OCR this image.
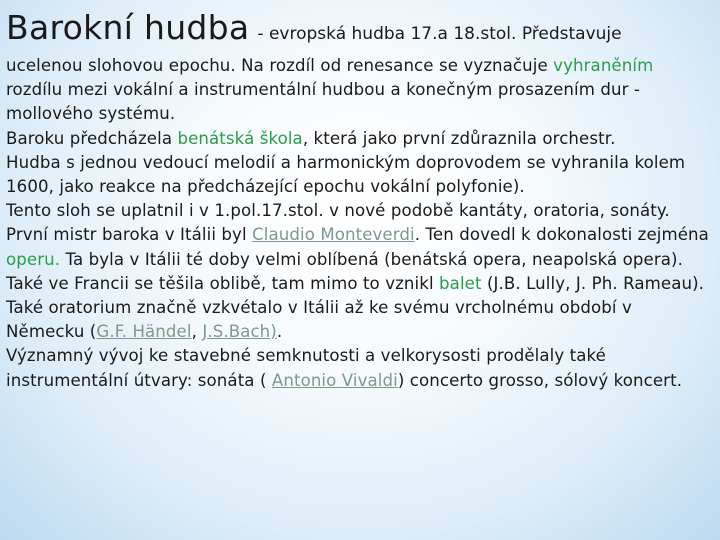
Barokní hudba - evropská hudba 17.a 18.stol. Představuje

ucelenou slohovou epochu. Na rozdíl od renesance se vyznačuje vyhraněním rozdílu mezi vokální a instrumentální hudbou a konečným prosazením dur - mollového systému.
Baroku předcházela benátská škola, která jako první zdůraznila orchestr.
Hudba s jednou vedoucí melodií a harmonickým doprovodem se vyhranila kolem 1600, jako reakce na předcházející epochu vokální polyfonie).
Tento sloh se uplatnil i v 1.pol.17.stol. v nové podobě kantáty, oratoria, sonáty.
První mistr baroka v Itálii byl Claudio Monteverdi. Ten dovedl k dokonalosti zejména operu. Ta byla v Itálii té doby velmi oblíbená (benátská opera, neapolská opera). Také ve Francii se těšila oblibě, tam mimo to vznikl balet (J.B. Lully, J. Ph. Rameau). Také oratorium značně vzkvétalo v Itálii až ke svému vrcholnému období v Německu (G.F. Händel, J.S.Bach).
Významný vývoj ke stavebné semknutosti a velkorysosti prodělaly také instrumentální útvary: sonáta ( Antonio Vivaldi) concerto grosso, sólový koncert.
